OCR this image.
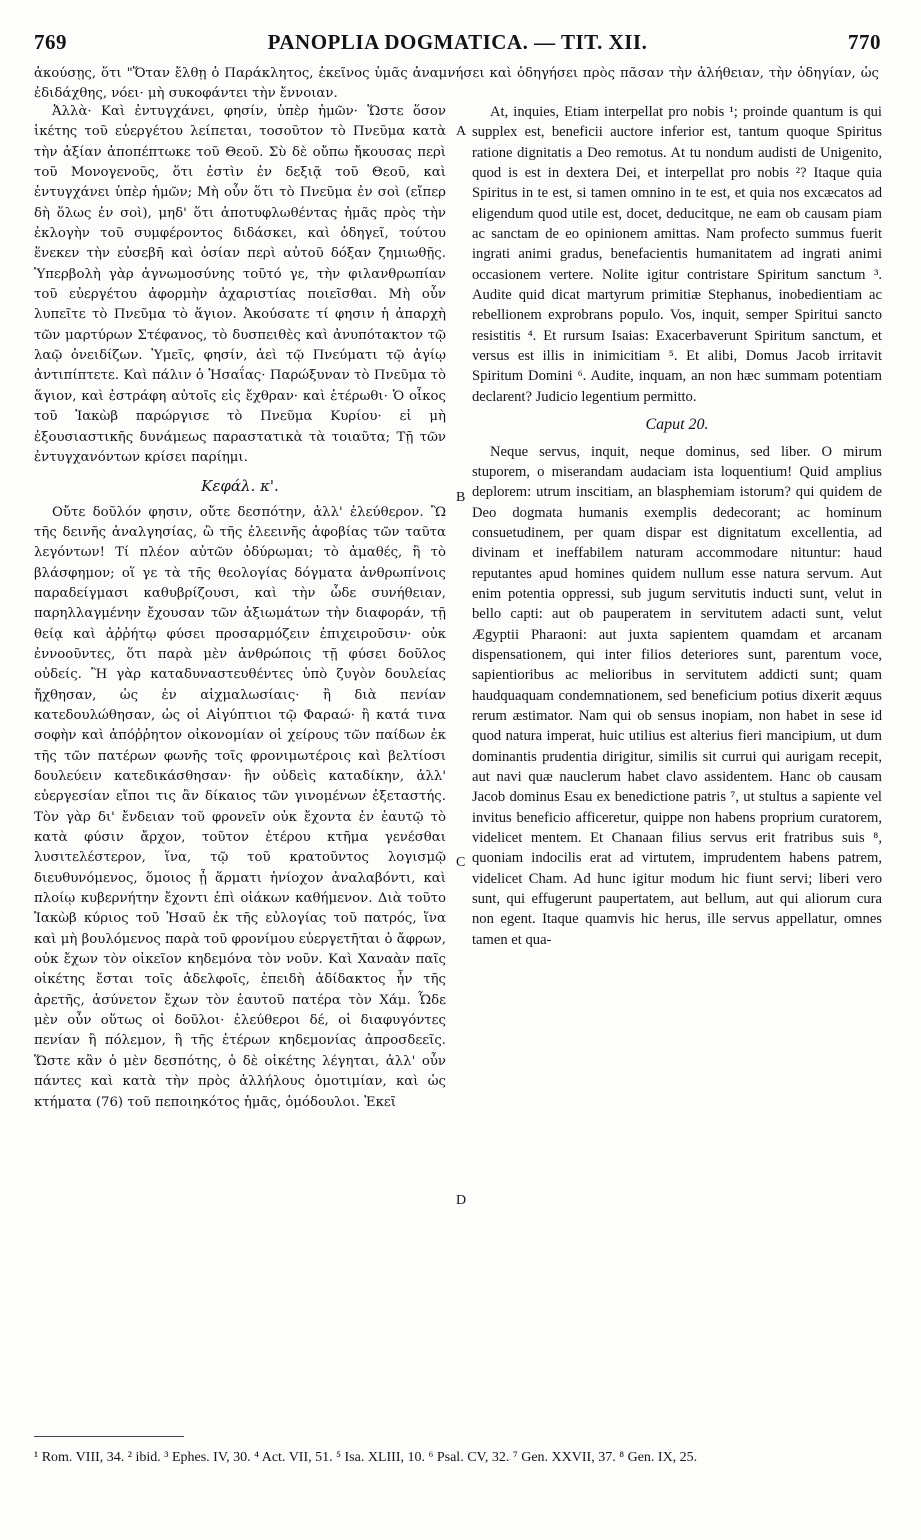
769	PANOPLIA DOGMATICA. — TIT. XII.	770
ἀκούσῃς, ὅτι "Ὅταν ἔλθῃ ὁ Παράκλητος, ἐκεῖνος ὑμᾶς ἀναμνήσει καὶ ὁδηγήσει πρὸς πᾶσαν τὴν ἀλήθειαν, τὴν ὁδηγίαν, ὡς ἐδιδάχθης, νόει· μὴ συκοφάντει τὴν ἔννοιαν.

Ἀλλὰ· Καὶ ἐντυγχάνει, φησίν, ὑπὲρ ἡμῶν· Ὥστε ὅσον ἱκέτης τοῦ εὐεργέτου λείπεται, τοσοῦτον τὸ Πνεῦμα κατὰ τὴν ἀξίαν ἀποπέπτωκε τοῦ Θεοῦ. Σὺ δὲ οὔπω ἤκουσας περὶ τοῦ Μονογενοῦς, ὅτι ἐστὶν ἐν δεξιᾷ τοῦ Θεοῦ, καὶ ἐντυγχάνει ὑπὲρ ἡμῶν; Μὴ οὖν ὅτι τὸ Πνεῦμα ἐν σοὶ (εἴπερ δὴ ὅλως ἐν σοὶ), μηδ' ὅτι ἀποτυφλωθέντας ἡμᾶς πρὸς τὴν ἐκλογὴν τοῦ συμφέροντος διδάσκει, καὶ ὁδηγεῖ, τούτου ἕνεκεν τὴν εὐσεβῆ καὶ ὁσίαν περὶ αὐτοῦ δόξαν ζημιωθῇς. Ὑπερβολὴ γὰρ ἀγνωμοσύνης τοῦτό γε, τὴν φιλανθρωπίαν τοῦ εὐεργέτου ἀφορμὴν ἀχαριστίας ποιεῖσθαι. Μὴ οὖν λυπεῖτε τὸ Πνεῦμα τὸ ἅγιον. Ἀκούσατε τί φησιν ἡ ἀπαρχὴ τῶν μαρτύρων Στέφανος, τὸ δυσπειθὲς καὶ ἀνυπότακτον τῷ λαῷ ὀνειδίζων. Ὑμεῖς, φησίν, ἀεὶ τῷ Πνεύματι τῷ ἁγίῳ ἀντιπίπτετε. Καὶ πάλιν ὁ Ἡσαΐας· Παρώξυναν τὸ Πνεῦμα τὸ ἅγιον, καὶ ἐστράφη αὐτοῖς εἰς ἔχθραν· καὶ ἑτέρωθι· Ὁ οἶκος τοῦ Ἰακὼβ παρώργισε τὸ Πνεῦμα Κυρίου· εἰ μὴ ἐξουσιαστικῆς δυνάμεως παραστατικὰ τὰ τοιαῦτα; Τῇ τῶν ἐντυγχανόντων κρίσει παρίημι.

Κεφάλ. κ'.

Οὔτε δοῦλόν φησιν, οὔτε δεσπότην, ἀλλ' ἐλεύθερον. Ὢ τῆς δεινῆς ἀναλγησίας, ὢ τῆς ἐλεεινῆς ἀφοβίας τῶν ταῦτα λεγόντων! Τί πλέον αὐτῶν ὀδύρωμαι; τὸ ἀμαθές, ἢ τὸ βλάσφημον; οἵ γε τὰ τῆς θεολογίας δόγματα ἀνθρωπίνοις παραδείγμασι καθυβρίζουσι, καὶ τὴν ὧδε συνήθειαν, παρηλλαγμένην ἔχουσαν τῶν ἀξιωμάτων τὴν διαφοράν, τῇ θείᾳ καὶ ἀῤῥήτῳ φύσει προσαρμόζειν ἐπιχειροῦσιν· οὐκ ἐννοοῦντες, ὅτι παρὰ μὲν ἀνθρώποις τῇ φύσει δοῦλος οὐδείς. Ἢ γὰρ καταδυναστευθέντες ὑπὸ ζυγὸν δουλείας ἤχθησαν, ὡς ἐν αἰχμαλωσίαις· ἢ διὰ πενίαν κατεδουλώθησαν, ὡς οἱ Αἰγύπτιοι τῷ Φαραώ· ἢ κατά τινα σοφὴν καὶ ἀπόῤῥητον οἰκονομίαν οἱ χείρους τῶν παίδων ἐκ τῆς τῶν πατέρων φωνῆς τοῖς φρονιμωτέροις καὶ βελτίοσι δουλεύειν κατεδικάσθησαν· ἣν οὐδεὶς καταδίκην, ἀλλ' εὐεργεσίαν εἴποι τις ἂν δίκαιος τῶν γινομένων ἐξεταστής. Τὸν γὰρ δι' ἔνδειαν τοῦ φρονεῖν οὐκ ἔχοντα ἐν ἑαυτῷ τὸ κατὰ φύσιν ἄρχον, τοῦτον ἑτέρου κτῆμα γενέσθαι λυσιτελέστερον, ἵνα, τῷ τοῦ κρατοῦντος λογισμῷ διευθυνόμενος, ὅμοιος ᾖ ἅρματι ἡνίοχον ἀναλαβόντι, καὶ πλοίῳ κυβερνήτην ἔχοντι ἐπὶ οἰάκων καθήμενον. Διὰ τοῦτο Ἰακὼβ κύριος τοῦ Ἡσαῦ ἐκ τῆς εὐλογίας τοῦ πατρός, ἵνα καὶ μὴ βουλόμενος παρὰ τοῦ φρονίμου εὐεργετῆται ὁ ἄφρων, οὐκ ἔχων τὸν οἰκεῖον κηδεμόνα τὸν νοῦν. Καὶ Χαναὰν παῖς οἰκέτης ἔσται τοῖς ἀδελφοῖς, ἐπειδὴ ἀδίδακτος ἦν τῆς ἀρετῆς, ἀσύνετον ἔχων τὸν ἑαυτοῦ πατέρα τὸν Χάμ. Ὧδε μὲν οὖν οὕτως οἱ δοῦλοι· ἐλεύθεροι δέ, οἱ διαφυγόντες πενίαν ἢ πόλεμον, ἢ τῆς ἑτέρων κηδεμονίας ἀπροσδεεῖς. Ὥστε κἂν ὁ μὲν δεσπότης, ὁ δὲ οἰκέτης λέγηται, ἀλλ' οὖν πάντες καὶ κατὰ τὴν πρὸς ἀλλήλους ὁμοτιμίαν, καὶ ὡς κτήματα (76) τοῦ πεποιηκότος ἡμᾶς, ὁμόδουλοι. Ἐκεῖ

At, inquies, Etiam interpellat pro nobis ¹; proinde quantum is qui supplex est, beneficii auctore inferior est, tantum quoque Spiritus ratione dignitatis a Deo remotus. At tu nondum audisti de Unigenito, quod is est in dextera Dei, et interpellat pro nobis ²? Itaque quia Spiritus in te est, si tamen omnino in te est, et quia nos excæcatos ad eligendum quod utile est, docet, deducitque, ne eam ob causam piam ac sanctam de eo opinionem amittas. Nam profecto summus fuerit ingrati animi gradus, benefacientis humanitatem ad ingrati animi occasionem vertere. Nolite igitur contristare Spiritum sanctum ³. Audite quid dicat martyrum primitiæ Stephanus, inobedientiam ac rebellionem exprobrans populo. Vos, inquit, semper Spiritui sancto resistitis ⁴. Et rursum Isaias: Exacerbaverunt Spiritum sanctum, et versus est illis in inimicitiam ⁵. Et alibi, Domus Jacob irritavit Spiritum Domini ⁶. Audite, inquam, an non hæc summam potentiam declarent? Judicio legentium permitto.

Caput 20.

Neque servus, inquit, neque dominus, sed liber. O mirum stuporem, o miserandam audaciam ista loquentium! Quid amplius deplorem: utrum inscitiam, an blasphemiam istorum? qui quidem de Deo dogmata humanis exemplis dedecorant; ac hominum consuetudinem, per quam dispar est dignitatum excellentia, ad divinam et ineffabilem naturam accommodare nituntur: haud reputantes apud homines quidem nullum esse natura servum. Aut enim potentia oppressi, sub jugum servitutis inducti sunt, velut in bello capti: aut ob pauperatem in servitutem adacti sunt, velut Ægyptii Pharaoni: aut juxta sapientem quamdam et arcanam dispensationem, qui inter filios deteriores sunt, parentum voce, sapientioribus ac melioribus in servitutem addicti sunt; quam haudquaquam condemnationem, sed beneficium potius dixerit æquus rerum æstimator. Nam qui ob sensus inopiam, non habet in sese id quod natura imperat, huic utilius est alterius fieri mancipium, ut dum dominantis prudentia dirigitur, similis sit currui qui aurigam recepit, aut navi quæ nauclerum habet clavo assidentem. Hanc ob causam Jacob dominus Esau ex benedictione patris ⁷, ut stultus a sapiente vel invitus beneficio afficeretur, quippe non habens proprium curatorem, videlicet mentem. Et Chanaan filius servus erit fratribus suis ⁸, quoniam indocilis erat ad virtutem, imprudentem habens patrem, videlicet Cham. Ad hunc igitur modum hic fiunt servi; liberi vero sunt, qui effugerunt paupertatem, aut bellum, aut qui aliorum cura non egent. Itaque quamvis hic herus, ille servus appellatur, omnes tamen et qua-

A
B
C
D
¹ Rom. VIII, 34. ² ibid. ³ Ephes. IV, 30. ⁴ Act. VII, 51. ⁵ Isa. XLIII, 10. ⁶ Psal. CV, 32. ⁷ Gen. XXVII, 37. ⁸ Gen. IX, 25.
